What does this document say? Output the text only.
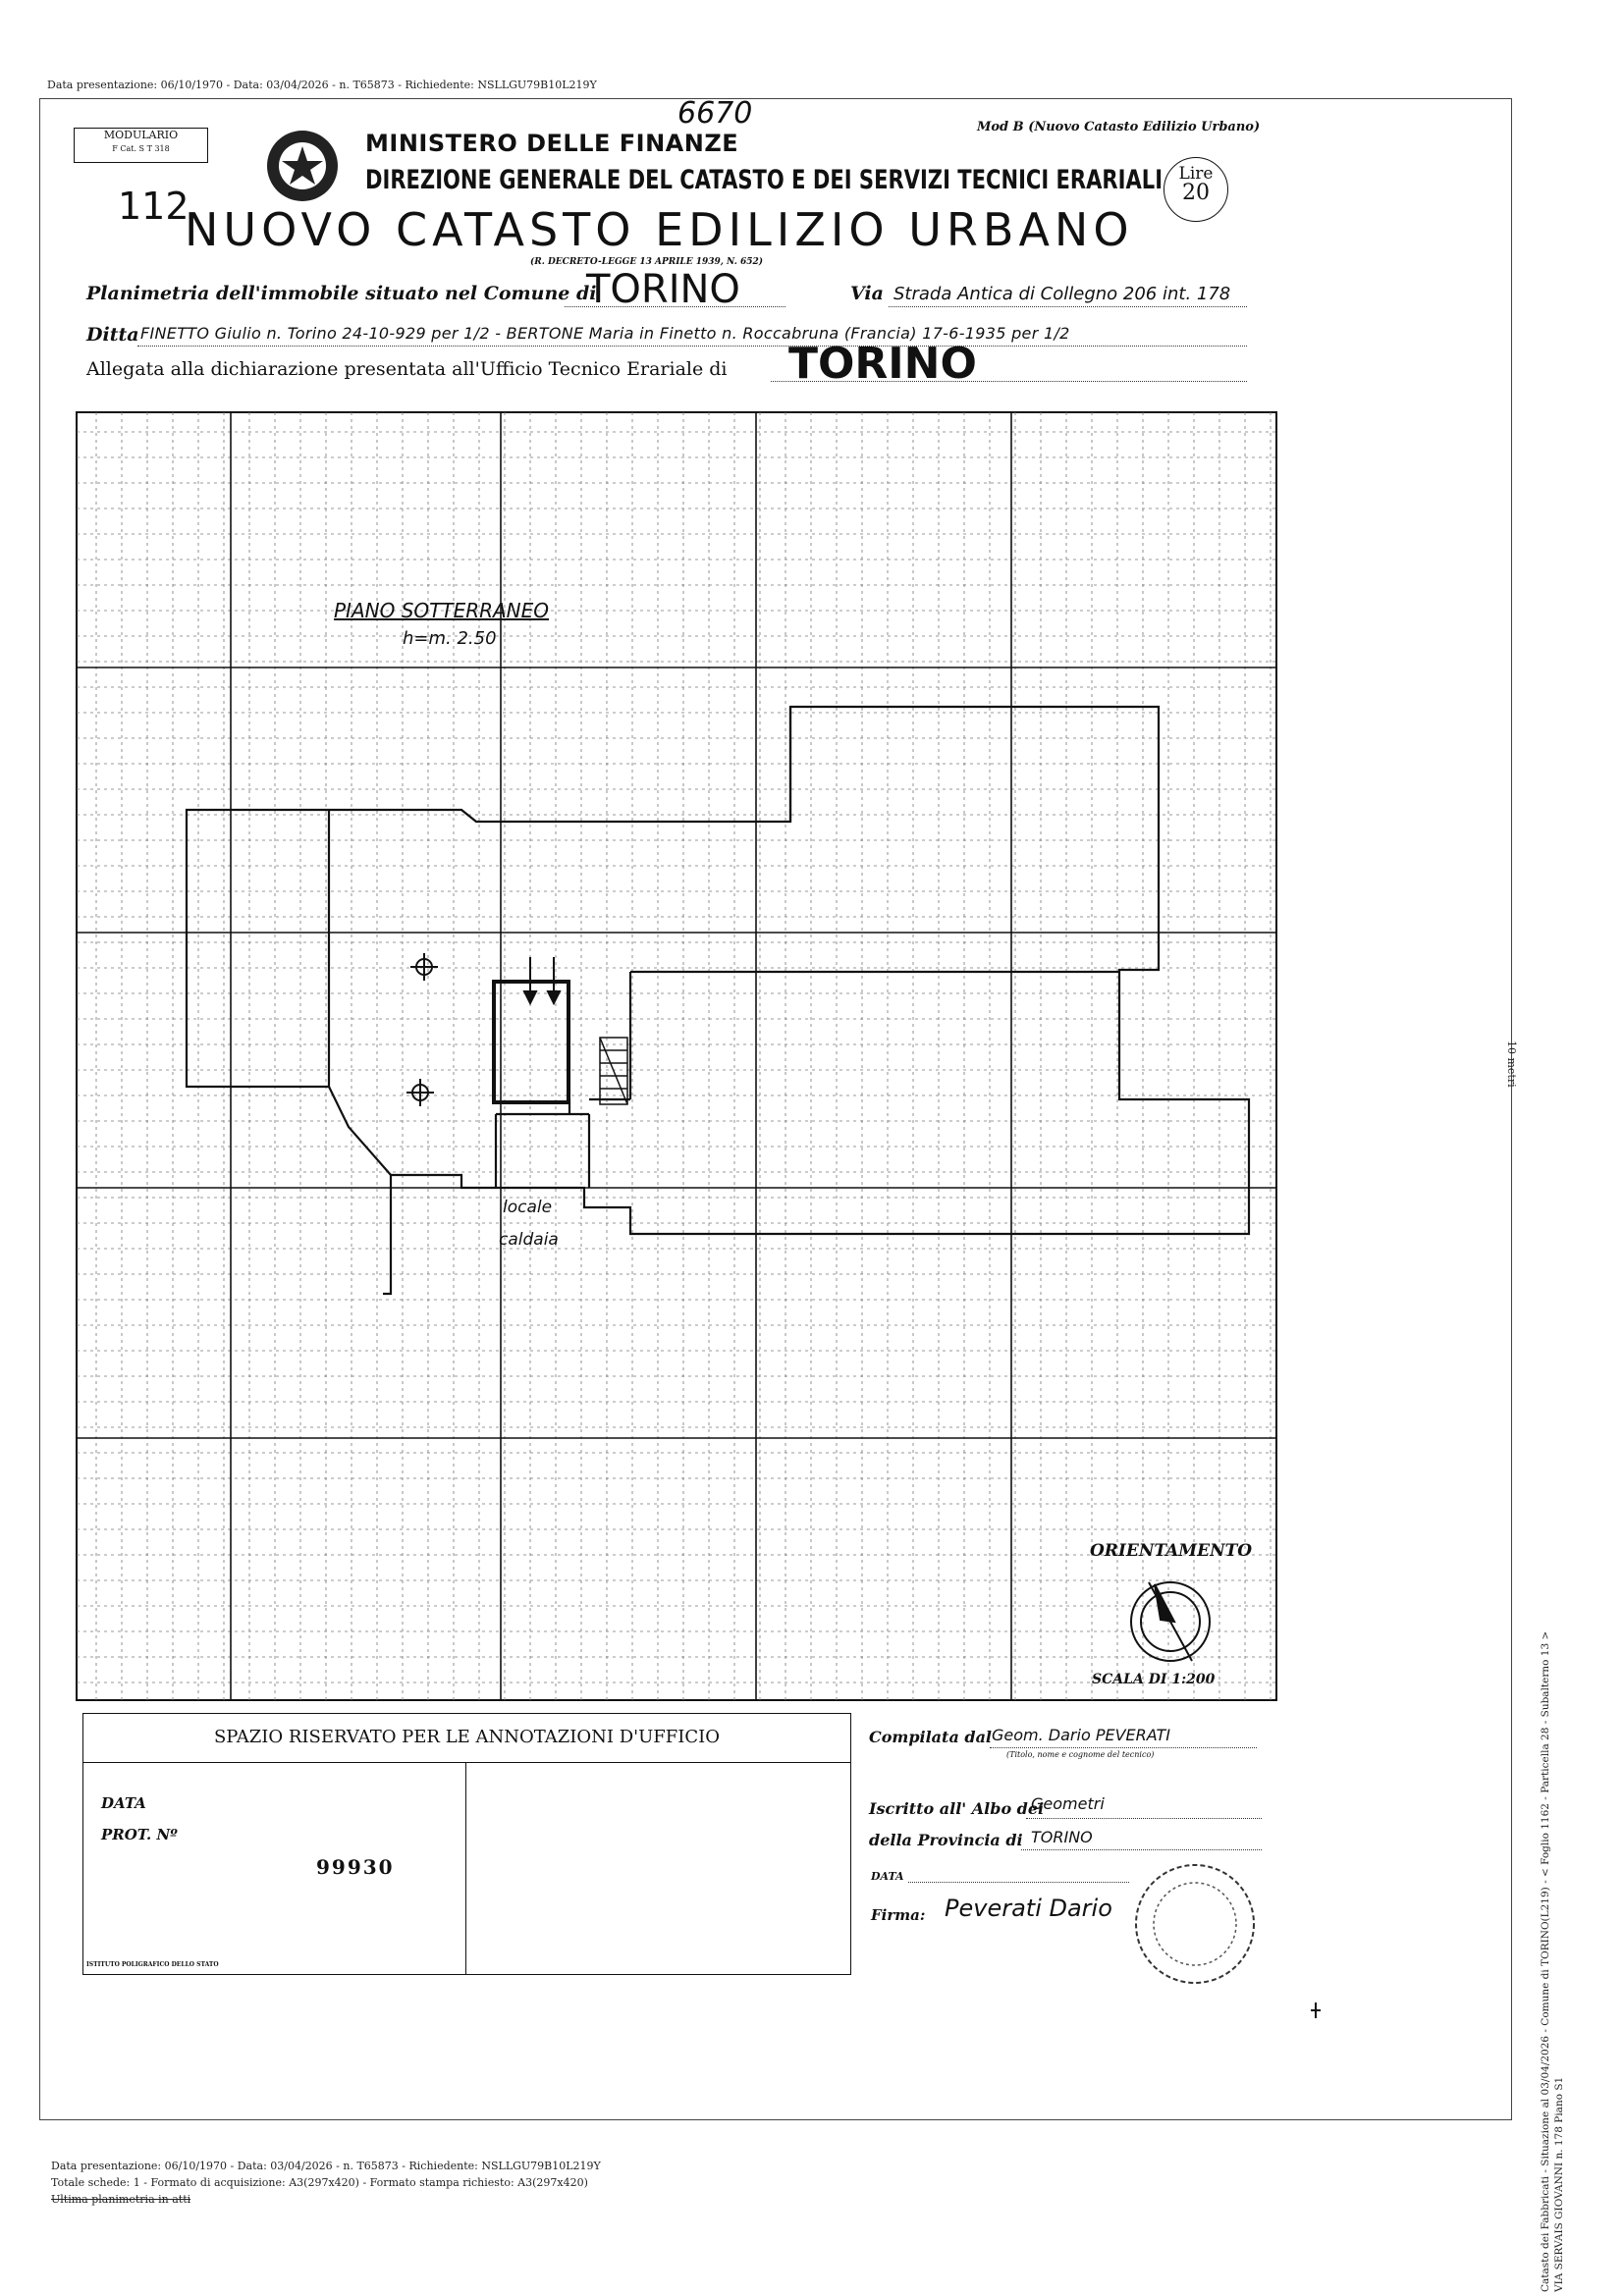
Data presentazione: 06/10/1970 - Data: 03/04/2026 - n. T65873 - Richiedente: NSLLGU79B10L219Y
6670
MODULARIO
F Cat. S T 318
Mod B (Nuovo Catasto Edilizio Urbano)
MINISTERO DELLE FINANZE
DIREZIONE GENERALE DEL CATASTO E DEI SERVIZI TECNICI ERARIALI Lire
20
112
NUOVO CATASTO EDILIZIO URBANO
(R. DECRETO-LEGGE 13 APRILE 1939, N. 652)
Planimetria dell'immobile situato nel Comune di
TORINO	Via Strada Antica di Collegno 206 int. 178
Ditta FINETTO Giulio n. Torino 24-10-929 per 1/2 - BERTONE Maria in Finetto n. Roccabruna (Francia) 17-6-1935 per 1/2
Allegata alla dichiarazione presentata all'Ufficio Tecnico Erariale di TORINO
PIANO SOTTERRANEO
h=m. 2.50
locale
caldaia
ORIENTAMENTO
SCALA DI 1:200
SPAZIO RISERVATO PER LE ANNOTAZIONI D'UFFICIO
DATA
PROT. Nº
99930
ISTITUTO POLIGRAFICO DELLO STATO
Compilata dal Geom. Dario PEVERATI
(Titolo, nome e cognome del tecnico)
Iscritto all' Albo dei
Geometri
della Provincia di TORINO
DATA
Firma: Peverati Dario
10 metri
Catasto dei Fabbricati - Situazione al 03/04/2026 - Comune di TORINO(L219) - < Foglio 1162 - Particella 28 - Subalterno 13 > VIA SERVAIS GIOVANNI n. 178 Piano S1
Data presentazione: 06/10/1970 - Data: 03/04/2026 - n. T65873 - Richiedente: NSLLGU79B10L219Y
Totale schede: 1 - Formato di acquisizione: A3(297x420) - Formato stampa richiesto: A3(297x420)
Ultima planimetria in atti
